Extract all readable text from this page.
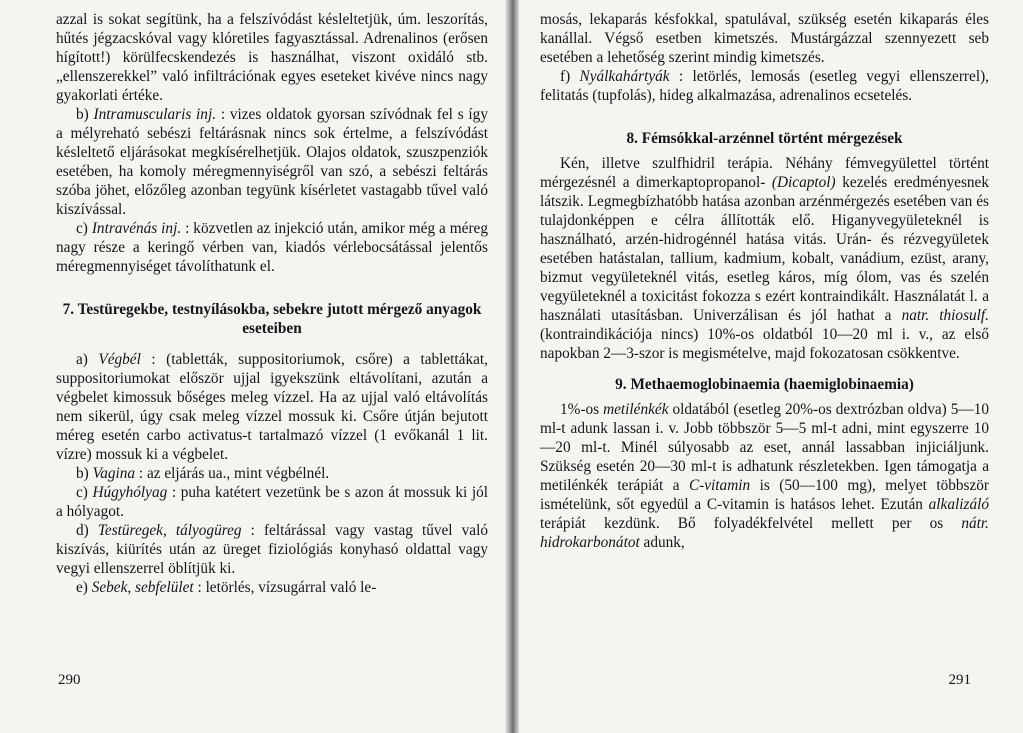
azzal is sokat segítünk, ha a felszívódást késleltetjük, úm. leszorítás, hűtés jégzacskóval vagy klóretiles fagyasztással. Adrenalinos (erősen hígított!) körülfecskendezés is használhat, viszont oxidáló stb. „ellenszerekkel” való infiltrációnak egyes eseteket kivéve nincs nagy gyakorlati értéke.

b) Intramuscularis inj. : vizes oldatok gyorsan szívódnak fel s így a mélyreható sebészi feltárásnak nincs sok értelme, a felszívódást késleltető eljárásokat megkísérelhetjük. Olajos oldatok, szuszpenziók esetében, ha komoly méregmennyiségről van szó, a sebészi feltárás szóba jöhet, előzőleg azonban tegyünk kísérletet vastagabb tűvel való kiszívással.

c) Intravénás inj. : közvetlen az injekció után, amikor még a méreg nagy része a keringő vérben van, kiadós vérlebocsátással jelentős méregmennyiséget távolíthatunk el.

7. Testüregekbe, testnyílásokba, sebekre jutott mérgező anyagok eseteiben

a) Végbél : (tabletták, suppositoriumok, csőre) a tablettákat, suppositoriumokat először ujjal igyekszünk eltávolítani, azután a végbelet kimossuk bőséges meleg vízzel. Ha az ujjal való eltávolítás nem sikerül, úgy csak meleg vízzel mossuk ki. Csőre útján bejutott méreg esetén carbo activatus-t tartalmazó vízzel (1 evőkanál 1 lit. vízre) mossuk ki a végbelet.

b) Vagina : az eljárás ua., mint végbélnél.

c) Húgyhólyag : puha katétert vezetünk be s azon át mossuk ki jól a hólyagot.

d) Testüregek, tályogüreg : feltárással vagy vastag tűvel való kiszívás, kiürítés után az üreget fiziológiás konyhasó oldattal vagy vegyi ellenszerrel öblítjük ki.

e) Sebek, sebfelület : letörlés, vízsugárral való le-

290

mosás, lekaparás késfokkal, spatulával, szükség esetén kikaparás éles kanállal. Végső esetben kimetszés. Mustárgázzal szennyezett seb esetében a lehetőség szerint mindig kimetszés.

f) Nyálkahártyák : letörlés, lemosás (esetleg vegyi ellenszerrel), felitatás (tupfolás), hideg alkalmazása, adrenalinos ecsetelés.

8. Fémsókkal-arzénnel történt mérgezések

Kén, illetve szulfhidril terápia. Néhány fémvegyülettel történt mérgezésnél a dimerkaptopropanol- (Dicaptol) kezelés eredményesnek látszik. Legmegbízhatóbb hatása azonban arzénmérgezés esetében van és tulajdonképpen e célra állították elő. Higanyvegyületeknél is használható, arzén-hidrogénnél hatása vitás. Urán- és rézvegyületek esetében hatástalan, tallium, kadmium, kobalt, vanádium, ezüst, arany, bizmut vegyületeknél vitás, esetleg káros, míg ólom, vas és szelén vegyületeknél a toxicitást fokozza s ezért kontraindikált. Használatát l. a használati utasításban. Univerzálisan és jól hathat a natr. thiosulf. (kontraindikációja nincs) 10%-os oldatból 10—20 ml i. v., az első napokban 2—3-szor is megismételve, majd fokozatosan csökkentve.

9. Methaemoglobinaemia (haemiglobinaemia)

1%-os metilénkék oldatából (esetleg 20%-os dextrózban oldva) 5—10 ml-t adunk lassan i. v. Jobb többször 5—5 ml-t adni, mint egyszerre 10—20 ml-t. Minél súlyosabb az eset, annál lassabban injiciáljunk. Szükség esetén 20—30 ml-t is adhatunk részletekben. Igen támogatja a metilénkék terápiát a C-vitamin is (50—100 mg), melyet többször ismételünk, sőt egyedül a C-vitamin is hatásos lehet. Ezután alkalizáló terápiát kezdünk. Bő folyadékfelvétel mellett per os nátr. hidrokarbonátot adunk,

291
